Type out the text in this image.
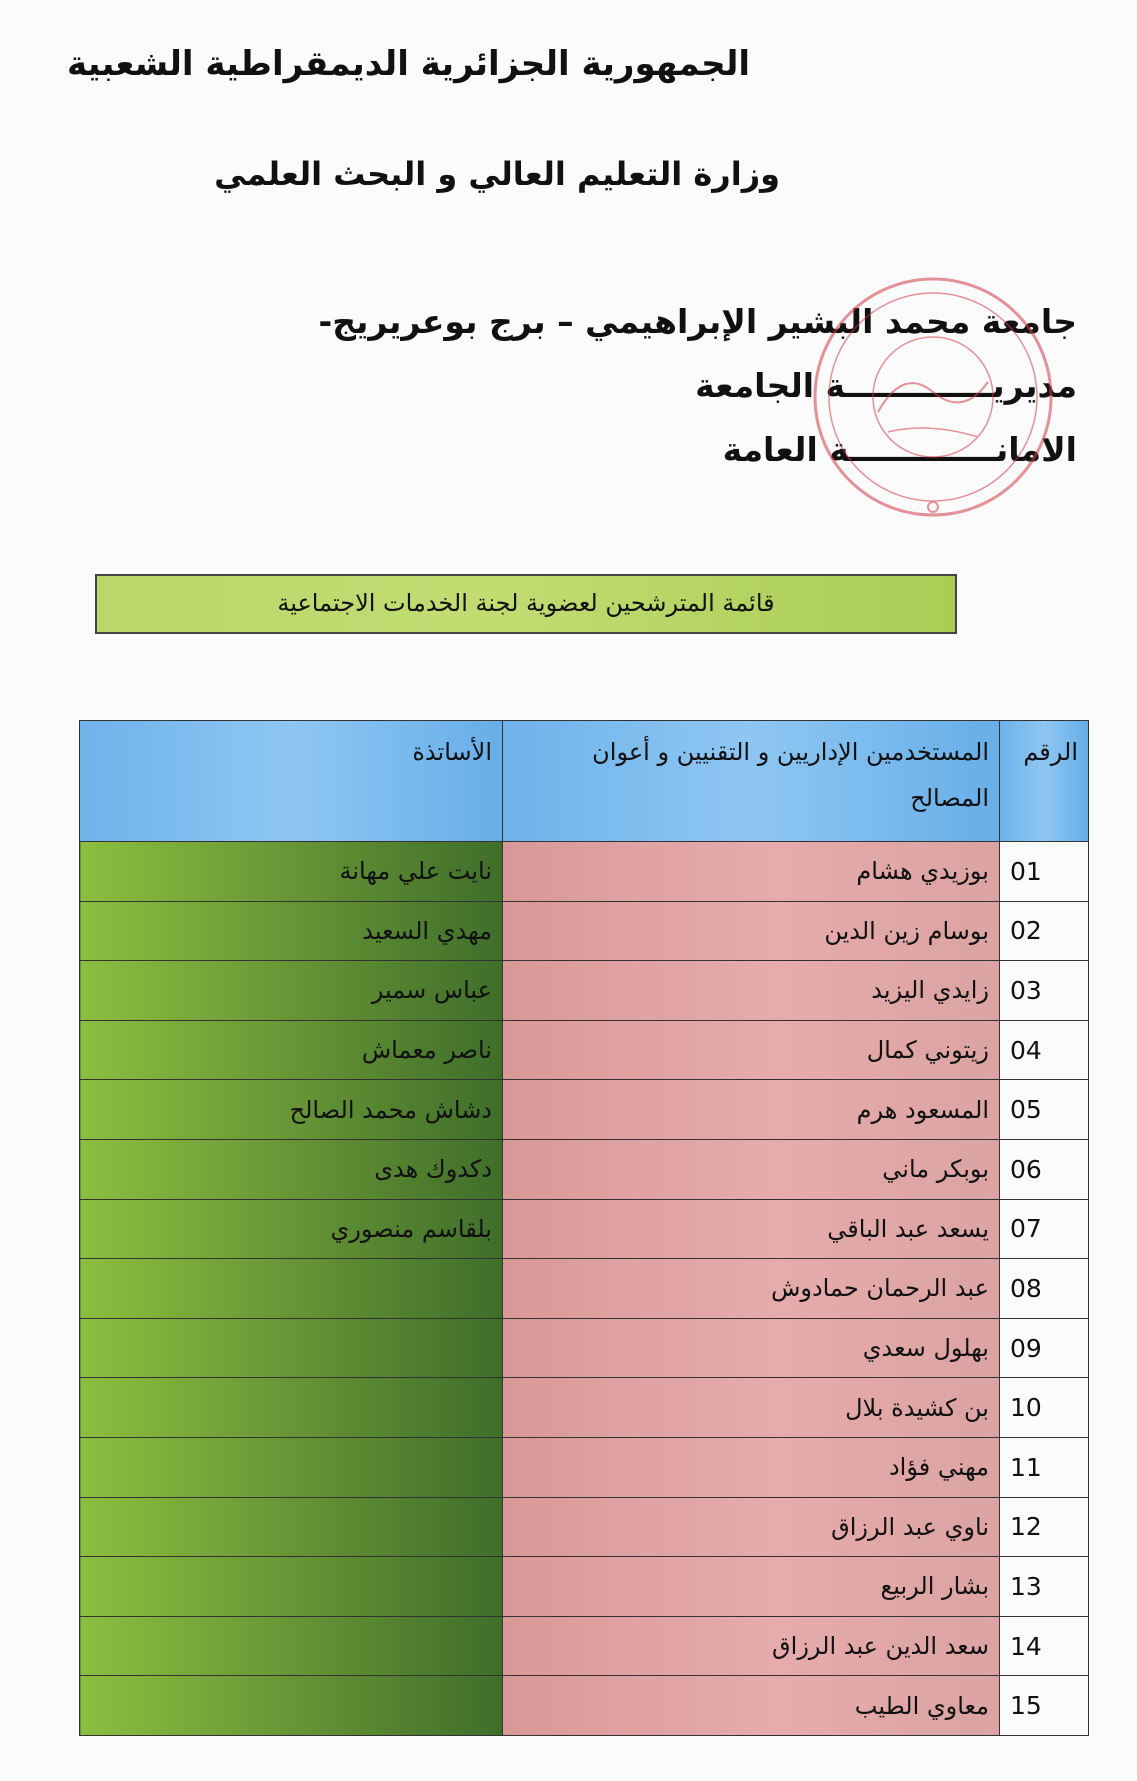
الجمهورية الجزائرية الديمقراطية الشعبية
وزارة التعليم العالي و البحث العلمي
جامعة محمد البشير الإبراهيمي – برج بوعريريج-
مديريـــــــــــــة الجامعة
الامانـــــــــــــة العامة
قائمة المترشحين لعضوية لجنة الخدمات الاجتماعية
الرقم	المستخدمين الإداريين و التقنيين و أعوان المصالح	الأساتذة
01	بوزيدي هشام	نايت علي مهانة
02	بوسام زين الدين	مهدي السعيد
03	زايدي اليزيد	عباس سمير
04	زيتوني كمال	ناصر معماش
05	المسعود هرم	دشاش محمد الصالح
06	بوبكر ماني	دكدوك هدى
07	يسعد عبد الباقي	بلقاسم منصوري
08	عبد الرحمان حمادوش	
09	بهلول سعدي	
10	بن كشيدة بلال	
11	مهني فؤاد	
12	ناوي عبد الرزاق	
13	بشار الربيع	
14	سعد الدين عبد الرزاق	
15	معاوي الطيب	
